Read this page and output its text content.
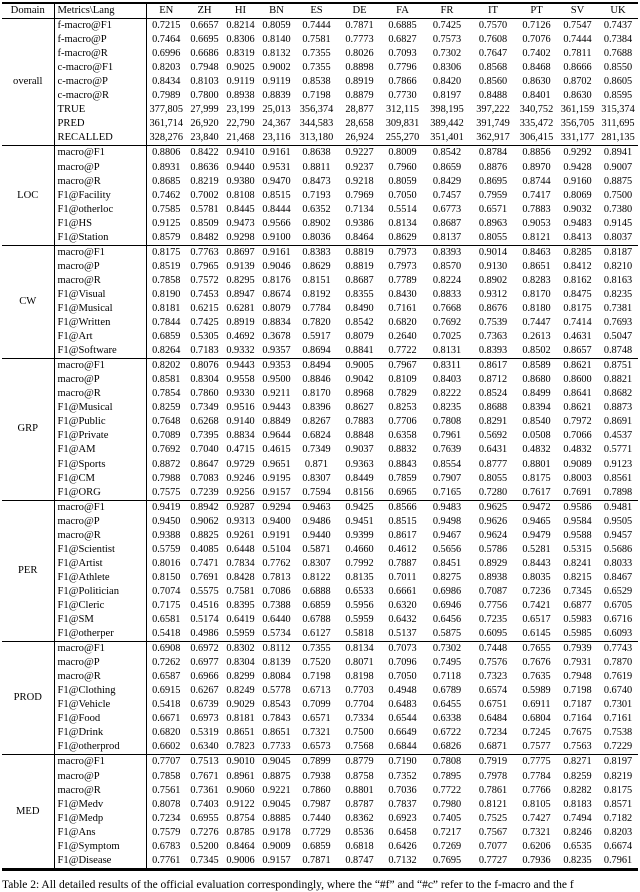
Domain	Metrics\Lang	EN	ZH	HI	BN	ES	DE	FA	FR	IT	PT	SV	UK
overall	f-macro@F1	0.7215	0.6657	0.8214	0.8059	0.7444	0.7871	0.6885	0.7425	0.7570	0.7126	0.7547	0.7437
	f-macro@P	0.7464	0.6695	0.8306	0.8140	0.7581	0.7773	0.6827	0.7573	0.7608	0.7076	0.7444	0.7384
	f-macro@R	0.6996	0.6686	0.8319	0.8132	0.7355	0.8026	0.7093	0.7302	0.7647	0.7402	0.7811	0.7688
	c-macro@F1	0.8203	0.7948	0.9025	0.9002	0.7355	0.8898	0.7796	0.8306	0.8568	0.8468	0.8666	0.8550
	c-macro@P	0.8434	0.8103	0.9119	0.9119	0.8538	0.8919	0.7866	0.8420	0.8560	0.8630	0.8702	0.8605
	c-macro@R	0.7989	0.7800	0.8938	0.8839	0.7198	0.8879	0.7730	0.8197	0.8488	0.8401	0.8630	0.8595
	TRUE	377,805	27,999	23,199	25,013	356,374	28,877	312,115	398,195	397,222	340,752	361,159	315,374
	PRED	361,714	26,920	22,790	24,367	344,583	28,658	309,831	389,442	391,749	335,472	356,705	311,695
	RECALLED	328,276	23,840	21,468	23,116	313,180	26,924	255,270	351,401	362,917	306,415	331,177	281,135
LOC	macro@F1	0.8806	0.8422	0.9410	0.9161	0.8638	0.9227	0.8009	0.8542	0.8784	0.8856	0.9292	0.8941
	macro@P	0.8931	0.8636	0.9440	0.9531	0.8811	0.9237	0.7960	0.8659	0.8876	0.8970	0.9428	0.9007
	macro@R	0.8685	0.8219	0.9380	0.9470	0.8473	0.9218	0.8059	0.8429	0.8695	0.8744	0.9160	0.8875
	F1@Facility	0.7462	0.7002	0.8108	0.8515	0.7193	0.7969	0.7050	0.7457	0.7959	0.7417	0.8069	0.7500
	F1@otherloc	0.7585	0.5781	0.8445	0.8444	0.6352	0.7134	0.5514	0.6773	0.6571	0.7883	0.9032	0.7380
	F1@HS	0.9125	0.8509	0.9473	0.9566	0.8902	0.9386	0.8134	0.8687	0.8963	0.9053	0.9483	0.9145
	F1@Station	0.8579	0.8482	0.9298	0.9100	0.8036	0.8464	0.8629	0.8137	0.8055	0.8121	0.8413	0.8037
CW	macro@F1	0.8175	0.7763	0.8697	0.9161	0.8383	0.8819	0.7973	0.8393	0.9014	0.8463	0.8285	0.8187
	macro@P	0.8519	0.7965	0.9139	0.9046	0.8629	0.8819	0.7973	0.8570	0.9130	0.8651	0.8412	0.8210
	macro@R	0.7858	0.7572	0.8295	0.8176	0.8151	0.8687	0.7789	0.8224	0.8902	0.8283	0.8162	0.8163
	F1@Visual	0.8190	0.7453	0.8947	0.8674	0.8192	0.8355	0.8430	0.8833	0.9312	0.8170	0.8475	0.8235
	F1@Musical	0.8181	0.6215	0.6281	0.8079	0.7784	0.8490	0.7161	0.7668	0.8676	0.8180	0.8175	0.7381
	F1@Written	0.7844	0.7425	0.8919	0.8834	0.7820	0.8542	0.6820	0.7692	0.7539	0.7447	0.7414	0.7693
	F1@Art	0.6859	0.5305	0.4692	0.3678	0.5917	0.8079	0.2640	0.7025	0.7363	0.2613	0.4631	0.5047
	F1@Software	0.8264	0.7183	0.9332	0.9357	0.8694	0.8841	0.7722	0.8131	0.8393	0.8502	0.8657	0.8748
GRP	macro@F1	0.8202	0.8076	0.9443	0.9353	0.8494	0.9005	0.7967	0.8311	0.8617	0.8589	0.8621	0.8751
	macro@P	0.8581	0.8304	0.9558	0.9500	0.8846	0.9042	0.8109	0.8403	0.8712	0.8680	0.8600	0.8821
	macro@R	0.7854	0.7860	0.9330	0.9211	0.8170	0.8968	0.7829	0.8222	0.8524	0.8499	0.8641	0.8682
	F1@Musical	0.8259	0.7349	0.9516	0.9443	0.8396	0.8627	0.8253	0.8235	0.8688	0.8394	0.8621	0.8873
	F1@Public	0.7648	0.6268	0.9140	0.8849	0.8267	0.7883	0.7706	0.7808	0.8291	0.8540	0.7972	0.8691
	F1@Private	0.7089	0.7395	0.8834	0.9644	0.6824	0.8848	0.6358	0.7961	0.5692	0.0508	0.7066	0.4537
	F1@AM	0.7692	0.7040	0.4715	0.4615	0.7349	0.9037	0.8832	0.7639	0.6431	0.4832	0.4832	0.5771
	F1@Sports	0.8872	0.8647	0.9729	0.9651	0.871	0.9363	0.8843	0.8554	0.8777	0.8801	0.9089	0.9123
	F1@CM	0.7988	0.7083	0.9246	0.9195	0.8307	0.8449	0.7859	0.7907	0.8055	0.8175	0.8003	0.8561
	F1@ORG	0.7575	0.7239	0.9256	0.9157	0.7594	0.8156	0.6965	0.7165	0.7280	0.7617	0.7691	0.7898
PER	macro@F1	0.9419	0.8942	0.9287	0.9294	0.9463	0.9425	0.8566	0.9483	0.9625	0.9472	0.9586	0.9481
	macro@P	0.9450	0.9062	0.9313	0.9400	0.9486	0.9451	0.8515	0.9498	0.9626	0.9465	0.9584	0.9505
	macro@R	0.9388	0.8825	0.9261	0.9191	0.9440	0.9399	0.8617	0.9467	0.9624	0.9479	0.9588	0.9457
	F1@Scientist	0.5759	0.4085	0.6448	0.5104	0.5871	0.4660	0.4612	0.5656	0.5786	0.5281	0.5315	0.5686
	F1@Artist	0.8016	0.7471	0.7834	0.7762	0.8307	0.7992	0.7887	0.8451	0.8929	0.8443	0.8241	0.8033
	F1@Athlete	0.8150	0.7691	0.8428	0.7813	0.8122	0.8135	0.7011	0.8275	0.8938	0.8035	0.8215	0.8467
	F1@Politician	0.7074	0.5575	0.7581	0.7086	0.6888	0.6533	0.6661	0.6986	0.7087	0.7236	0.7345	0.6529
	F1@Cleric	0.7175	0.4516	0.8395	0.7388	0.6859	0.5956	0.6320	0.6946	0.7756	0.7421	0.6877	0.6705
	F1@SM	0.6581	0.5174	0.6419	0.6440	0.6788	0.5959	0.6432	0.6456	0.7235	0.6517	0.5983	0.6716
	F1@otherper	0.5418	0.4986	0.5959	0.5734	0.6127	0.5818	0.5137	0.5875	0.6095	0.6145	0.5985	0.6093
PROD	macro@F1	0.6908	0.6972	0.8302	0.8112	0.7355	0.8134	0.7073	0.7302	0.7448	0.7655	0.7939	0.7743
	macro@P	0.7262	0.6977	0.8304	0.8139	0.7520	0.8071	0.7096	0.7495	0.7576	0.7676	0.7931	0.7870
	macro@R	0.6587	0.6966	0.8299	0.8084	0.7198	0.8198	0.7050	0.7118	0.7323	0.7635	0.7948	0.7619
	F1@Clothing	0.6915	0.6267	0.8249	0.5778	0.6713	0.7703	0.4948	0.6789	0.6574	0.5989	0.7198	0.6740
	F1@Vehicle	0.5418	0.6739	0.9029	0.8543	0.7099	0.7704	0.6483	0.6455	0.6751	0.6911	0.7187	0.7301
	F1@Food	0.6671	0.6973	0.8181	0.7843	0.6571	0.7334	0.6544	0.6338	0.6484	0.6804	0.7164	0.7161
	F1@Drink	0.6820	0.5319	0.8651	0.8651	0.7321	0.7500	0.6649	0.6722	0.7234	0.7245	0.7675	0.7538
	F1@otherprod	0.6602	0.6340	0.7823	0.7733	0.6573	0.7568	0.6844	0.6826	0.6871	0.7577	0.7563	0.7229
MED	macro@F1	0.7707	0.7513	0.9010	0.9045	0.7899	0.8779	0.7190	0.7808	0.7919	0.7775	0.8271	0.8197
	macro@P	0.7858	0.7671	0.8961	0.8875	0.7938	0.8758	0.7352	0.7895	0.7978	0.7784	0.8259	0.8219
	macro@R	0.7561	0.7361	0.9060	0.9221	0.7860	0.8801	0.7036	0.7722	0.7861	0.7766	0.8282	0.8175
	F1@Medv	0.8078	0.7403	0.9122	0.9045	0.7987	0.8787	0.7837	0.7980	0.8121	0.8105	0.8183	0.8571
	F1@Medp	0.7234	0.6955	0.8754	0.8885	0.7440	0.8362	0.6923	0.7405	0.7525	0.7427	0.7494	0.7182
	F1@Ans	0.7579	0.7276	0.8785	0.9178	0.7729	0.8536	0.6458	0.7217	0.7567	0.7321	0.8246	0.8203
	F1@Symptom	0.6783	0.5200	0.8464	0.9009	0.6859	0.6818	0.6426	0.7269	0.7077	0.6206	0.6535	0.6674
	F1@Disease	0.7761	0.7345	0.9006	0.9157	0.7871	0.8747	0.7132	0.7695	0.7727	0.7936	0.8235	0.7961
Table 2: All detailed results of the official evaluation correspondingly, where the “#f” and “#c” refer to the f-macro and the f
